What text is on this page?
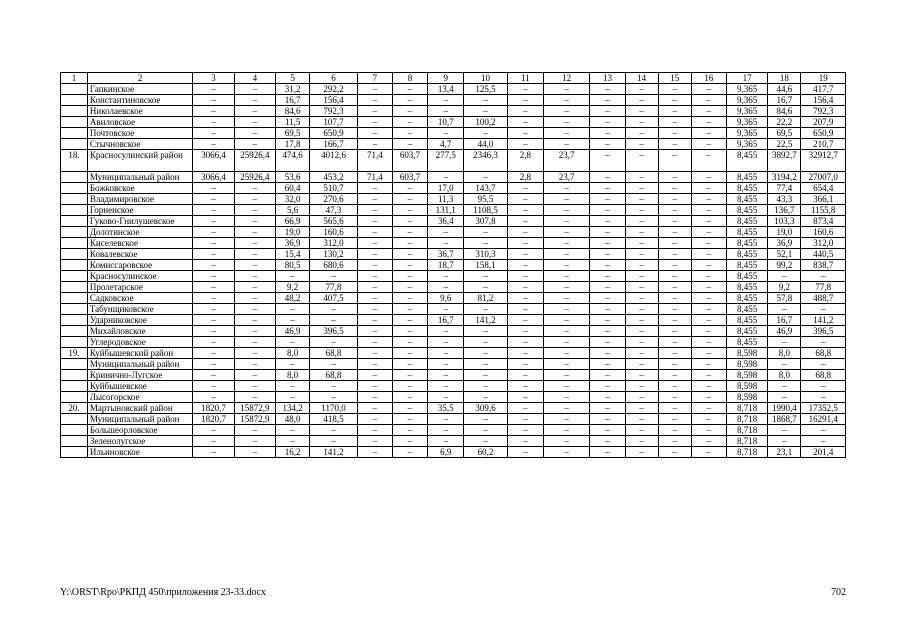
1	2	3	4	5	6	7	8	9	10	11	12	13	14	15	16	17	18	19
	Гапкинское	–	–	31,2	292,2	–	–	13,4	125,5	–	–	–	–	–	–	9,365	44,6	417,7
	Константиновское	–	–	16,7	156,4	–	–	–	–	–	–	–	–	–	–	9,365	16,7	156,4
	Николаевское	–	–	84,6	792,3	–	–	–	–	–	–	–	–	–	–	9,365	84,6	792,3
	Авиловское	–	–	11,5	107,7	–	–	10,7	100,2	–	–	–	–	–	–	9,365	22,2	207,9
	Почтовское	–	–	69,5	650,9	–	–	–	–	–	–	–	–	–	–	9,365	69,5	650,9
	Стычновское	–	–	17,8	166,7	–	–	4,7	44,0	–	–	–	–	–	–	9,365	22,5	210,7
18.	Красносулинский район	3066,4	25926,4	474,6	4012,6	71,4	603,7	277,5	2346,3	2,8	23,7	–	–	–	–	8,455	3892,7	32912,7
	Муниципальный район	3066,4	25926,4	53,6	453,2	71,4	603,7	–	–	2,8	23,7	–	–	–	–	8,455	3194,2	27007,0
	Божковское	–	–	60,4	510,7	–	–	17,0	143,7	–	–	–	–	–	–	8,455	77,4	654,4
	Владимировское	–	–	32,0	270,6	–	–	11,3	95,5	–	–	–	–	–	–	8,455	43,3	366,1
	Горненское	–	–	5,6	47,3	–	–	131,1	1108,5	–	–	–	–	–	–	8,455	136,7	1155,8
	Гуково-Гнилушевское	–	–	66,9	565,6	–	–	36,4	307,8	–	–	–	–	–	–	8,455	103,3	873,4
	Долотинское	–	–	19,0	160,6	–	–	–	–	–	–	–	–	–	–	8,455	19,0	160,6
	Киселевское	–	–	36,9	312,0	–	–	–	–	–	–	–	–	–	–	8,455	36,9	312,0
	Ковалевское	–	–	15,4	130,2	–	–	36,7	310,3	–	–	–	–	–	–	8,455	52,1	440,5
	Комиссаровское	–	–	80,5	680,6	–	–	18,7	158,1	–	–	–	–	–	–	8,455	99,2	838,7
	Красносулинское	–	–	–	–	–	–	–	–	–	–	–	–	–	–	8,455	–	–
	Пролетарское	–	–	9,2	77,8	–	–	–	–	–	–	–	–	–	–	8,455	9,2	77,8
	Садковское	–	–	48,2	407,5	–	–	9,6	81,2	–	–	–	–	–	–	8,455	57,8	488,7
	Табунщиковское	–	–	–	–	–	–	–	–	–	–	–	–	–	–	8,455	–	–
	Ударниковское	–	–	–	–	–	–	16,7	141,2	–	–	–	–	–	–	8,455	16,7	141,2
	Михайловское	–	–	46,9	396,5	–	–	–	–	–	–	–	–	–	–	8,455	46,9	396,5
	Углеродовское	–	–	–	–	–	–	–	–	–	–	–	–	–	–	8,455	–	–
19.	Куйбышевский район	–	–	8,0	68,8	–	–	–	–	–	–	–	–	–	–	8,598	8,0	68,8
	Муниципальный район	–	–	–	–	–	–	–	–	–	–	–	–	–	–	8,598	–	–
	Кринично-Лугское	–	–	8,0	68,8	–	–	–	–	–	–	–	–	–	–	8,598	8,0	68,8
	Куйбышевское	–	–	–	–	–	–	–	–	–	–	–	–	–	–	8,598	–	–
	Лысогорское	–	–	–	–	–	–	–	–	–	–	–	–	–	–	8,598	–	–
20.	Мартыновский район	1820,7	15872,9	134,2	1170,0	–	–	35,5	309,6	–	–	–	–	–	–	8,718	1990,4	17352,5
	Муниципальный район	1820,7	15872,9	48,0	418,5	–	–	–	–	–	–	–	–	–	–	8,718	1868,7	16291,4
	Большеорловское	–	–	–	–	–	–	–	–	–	–	–	–	–	–	8,718	–	–
	Зеленолугское	–	–	–	–	–	–	–	–	–	–	–	–	–	–	8,718	–	–
	Ильиновское	–	–	16,2	141,2	–	–	6,9	60,2	–	–	–	–	–	–	8,718	23,1	201,4
Y:\ORST\Rpo\РКПД 450\приложения 23-33.docx	702
